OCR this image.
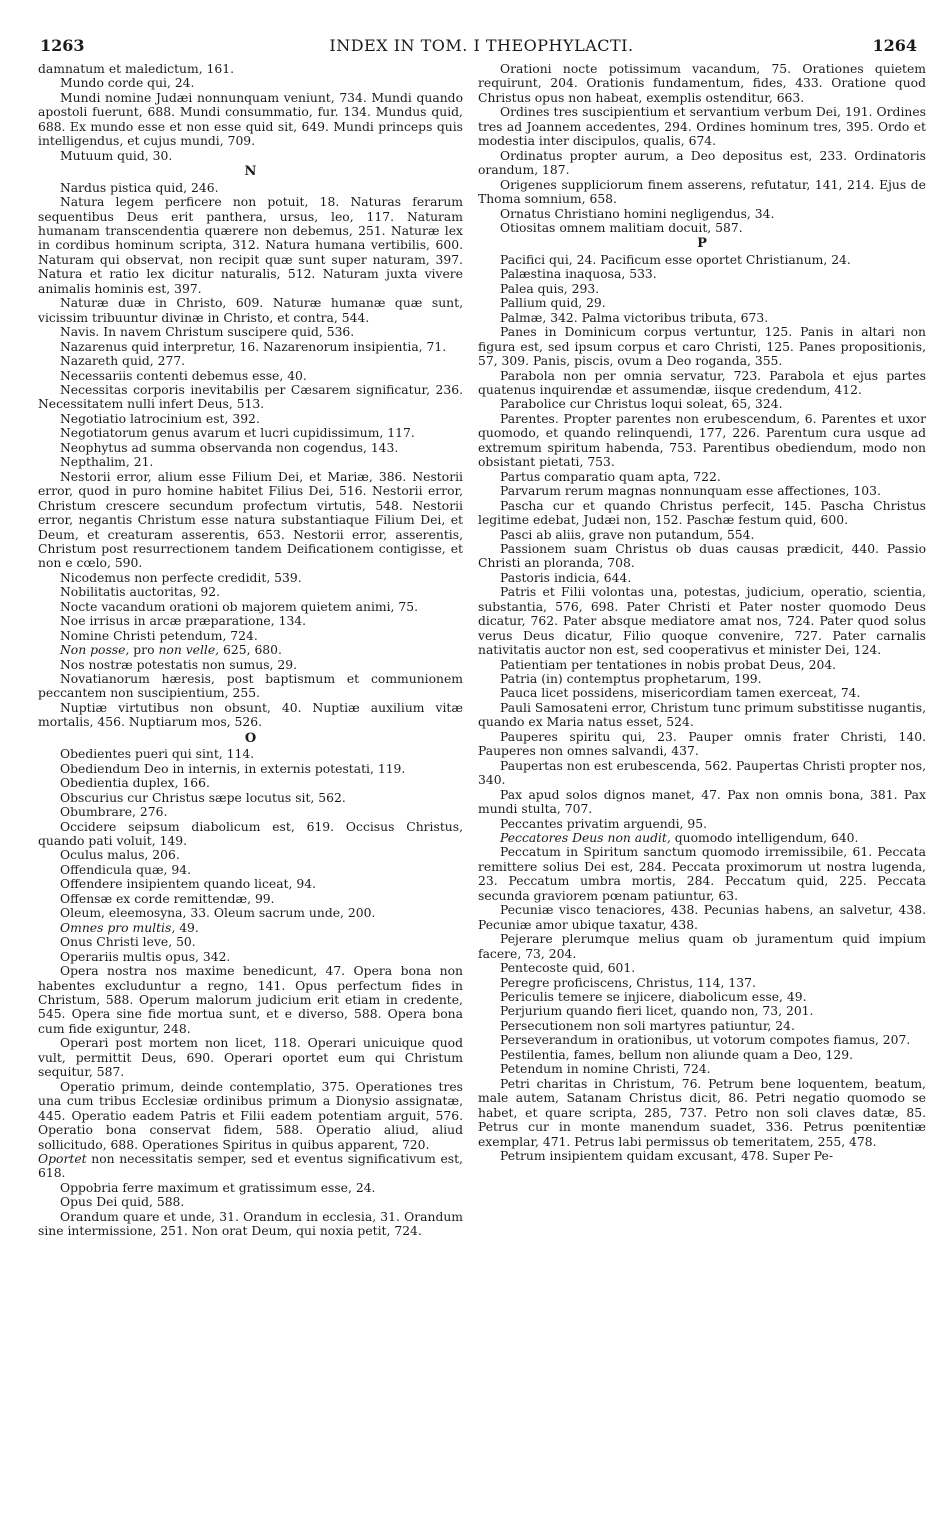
1263	INDEX IN TOM. I THEOPHYLACTI.	1264

damnatum et maledictum, 161.

Mundo corde qui, 24.

Mundi nomine Judæi nonnunquam veniunt, 734. Mundi quando apostoli fuerunt, 688. Mundi consummatio, fur. 134. Mundus quid, 688. Ex mundo esse et non esse quid sit, 649. Mundi princeps quis intelligendus, et cujus mundi, 709.

Mutuum quid, 30.

N

Nardus pistica quid, 246.

Natura legem perficere non potuit, 18. Naturas ferarum sequentibus Deus erit panthera, ursus, leo, 117. Naturam humanam transcendentia quærere non debemus, 251. Naturæ lex in cordibus hominum scripta, 312. Natura humana vertibilis, 600. Naturam qui observat, non recipit quæ sunt super naturam, 397. Natura et ratio lex dicitur naturalis, 512. Naturam juxta vivere animalis hominis est, 397.

Naturæ duæ in Christo, 609. Naturæ humanæ quæ sunt, vicissim tribuuntur divinæ in Christo, et contra, 544.

Navis. In navem Christum suscipere quid, 536.

Nazarenus quid interpretur, 16. Nazarenorum insipientia, 71.

Nazareth quid, 277.

Necessariis contenti debemus esse, 40.

Necessitas corporis inevitabilis per Cæsarem significatur, 236. Necessitatem nulli infert Deus, 513.

Negotiatio latrocinium est, 392.

Negotiatorum genus avarum et lucri cupidissimum, 117.

Neophytus ad summa observanda non cogendus, 143.

Nepthalim, 21.

Nestorii error, alium esse Filium Dei, et Mariæ, 386. Nestorii error, quod in puro homine habitet Filius Dei, 516. Nestorii error, Christum crescere secundum profectum virtutis, 548. Nestorii error, negantis Christum esse natura substantiaque Filium Dei, et Deum, et creaturam asserentis, 653. Nestorii error, asserentis, Christum post resurrectionem tandem Deificationem contigisse, et non e cœlo, 590.

Nicodemus non perfecte credidit, 539.

Nobilitatis auctoritas, 92.

Nocte vacandum orationi ob majorem quietem animi, 75.

Noe irrisus in arcæ præparatione, 134.

Nomine Christi petendum, 724.

Non posse, pro non velle, 625, 680.

Nos nostræ potestatis non sumus, 29.

Novatianorum hæresis, post baptismum et communionem peccantem non suscipientium, 255.

Nuptiæ virtutibus non obsunt, 40. Nuptiæ auxilium vitæ mortalis, 456. Nuptiarum mos, 526.

O

Obedientes pueri qui sint, 114.

Obediendum Deo in internis, in externis potestati, 119.

Obedientia duplex, 166.

Obscurius cur Christus sæpe locutus sit, 562.

Obumbrare, 276.

Occidere seipsum diabolicum est, 619. Occisus Christus, quando pati voluit, 149.

Oculus malus, 206.

Offendicula quæ, 94.

Offendere insipientem quando liceat, 94.

Offensæ ex corde remittendæ, 99.

Oleum, eleemosyna, 33. Oleum sacrum unde, 200.

Omnes pro multis, 49.

Onus Christi leve, 50.

Operariis multis opus, 342.

Opera nostra nos maxime benedicunt, 47. Opera bona non habentes excluduntur a regno, 141. Opus perfectum fides in Christum, 588. Operum malorum judicium erit etiam in credente, 545. Opera sine fide mortua sunt, et e diverso, 588. Opera bona cum fide exiguntur, 248.

Operari post mortem non licet, 118. Operari unicuique quod vult, permittit Deus, 690. Operari oportet eum qui Christum sequitur, 587.

Operatio primum, deinde contemplatio, 375. Operationes tres una cum tribus Ecclesiæ ordinibus primum a Dionysio assignatæ, 445. Operatio eadem Patris et Filii eadem potentiam arguit, 576. Operatio bona conservat fidem, 588. Operatio aliud, aliud sollicitudo, 688. Operationes Spiritus in quibus apparent, 720.

Oportet non necessitatis semper, sed et eventus significativum est, 618.

Oppobria ferre maximum et gratissimum esse, 24.

Opus Dei quid, 588.

Orandum quare et unde, 31. Orandum in ecclesia, 31. Orandum sine intermissione, 251. Non orat Deum, qui noxia petit, 724.

Orationi nocte potissimum vacandum, 75. Orationes quietem requirunt, 204. Orationis fundamentum, fides, 433. Oratione quod Christus opus non habeat, exemplis ostenditur, 663.

Ordines tres suscipientium et servantium verbum Dei, 191. Ordines tres ad Joannem accedentes, 294. Ordines hominum tres, 395. Ordo et modestia inter discipulos, qualis, 674.

Ordinatus propter aurum, a Deo depositus est, 233. Ordinatoris orandum, 187.

Origenes suppliciorum finem asserens, refutatur, 141, 214. Ejus de Thoma somnium, 658.

Ornatus Christiano homini negligendus, 34.

Otiositas omnem malitiam docuit, 587.

P

Pacifici qui, 24. Pacificum esse oportet Christianum, 24.

Palæstina inaquosa, 533.

Palea quis, 293.

Pallium quid, 29.

Palmæ, 342. Palma victoribus tributa, 673.

Panes in Dominicum corpus vertuntur, 125. Panis in altari non figura est, sed ipsum corpus et caro Christi, 125. Panes propositionis, 57, 309. Panis, piscis, ovum a Deo roganda, 355.

Parabola non per omnia servatur, 723. Parabola et ejus partes quatenus inquirendæ et assumendæ, iisque credendum, 412.

Parabolice cur Christus loqui soleat, 65, 324.

Parentes. Propter parentes non erubescendum, 6. Parentes et uxor quomodo, et quando relinquendi, 177, 226. Parentum cura usque ad extremum spiritum habenda, 753. Parentibus obediendum, modo non obsistant pietati, 753.

Partus comparatio quam apta, 722.

Parvarum rerum magnas nonnunquam esse affectiones, 103.

Pascha cur et quando Christus perfecit, 145. Pascha Christus legitime edebat, Judæi non, 152. Paschæ festum quid, 600.

Pasci ab aliis, grave non putandum, 554.

Passionem suam Christus ob duas causas prædicit, 440. Passio Christi an ploranda, 708.

Pastoris indicia, 644.

Patris et Filii volontas una, potestas, judicium, operatio, scientia, substantia, 576, 698. Pater Christi et Pater noster quomodo Deus dicatur, 762. Pater absque mediatore amat nos, 724. Pater quod solus verus Deus dicatur, Filio quoque convenire, 727. Pater carnalis nativitatis auctor non est, sed cooperativus et minister Dei, 124.

Patientiam per tentationes in nobis probat Deus, 204.

Patria (in) contemptus prophetarum, 199.

Pauca licet possidens, misericordiam tamen exerceat, 74.

Pauli Samosateni error, Christum tunc primum substitisse nugantis, quando ex Maria natus esset, 524.

Pauperes spiritu qui, 23. Pauper omnis frater Christi, 140. Pauperes non omnes salvandi, 437.

Paupertas non est erubescenda, 562. Paupertas Christi propter nos, 340.

Pax apud solos dignos manet, 47. Pax non omnis bona, 381. Pax mundi stulta, 707.

Peccantes privatim arguendi, 95.

Peccatores Deus non audit, quomodo intelligendum, 640.

Peccatum in Spiritum sanctum quomodo irremissibile, 61. Peccata remittere solius Dei est, 284. Peccata proximorum ut nostra lugenda, 23. Peccatum umbra mortis, 284. Peccatum quid, 225. Peccata secunda graviorem pœnam patiuntur, 63.

Pecuniæ visco tenaciores, 438. Pecunias habens, an salvetur, 438. Pecuniæ amor ubique taxatur, 438.

Pejerare plerumque melius quam ob juramentum quid impium facere, 73, 204.

Pentecoste quid, 601.

Peregre proficiscens, Christus, 114, 137.

Periculis temere se injicere, diabolicum esse, 49.

Perjurium quando fieri licet, quando non, 73, 201.

Persecutionem non soli martyres patiuntur, 24.

Perseverandum in orationibus, ut votorum compotes fiamus, 207.

Pestilentia, fames, bellum non aliunde quam a Deo, 129.

Petendum in nomine Christi, 724.

Petri charitas in Christum, 76. Petrum bene loquentem, beatum, male autem, Satanam Christus dicit, 86. Petri negatio quomodo se habet, et quare scripta, 285, 737. Petro non soli claves datæ, 85. Petrus cur in monte manendum suadet, 336. Petrus pœnitentiæ exemplar, 471. Petrus labi permissus ob temeritatem, 255, 478.

Petrum insipientem quidam excusant, 478. Super Pe-
